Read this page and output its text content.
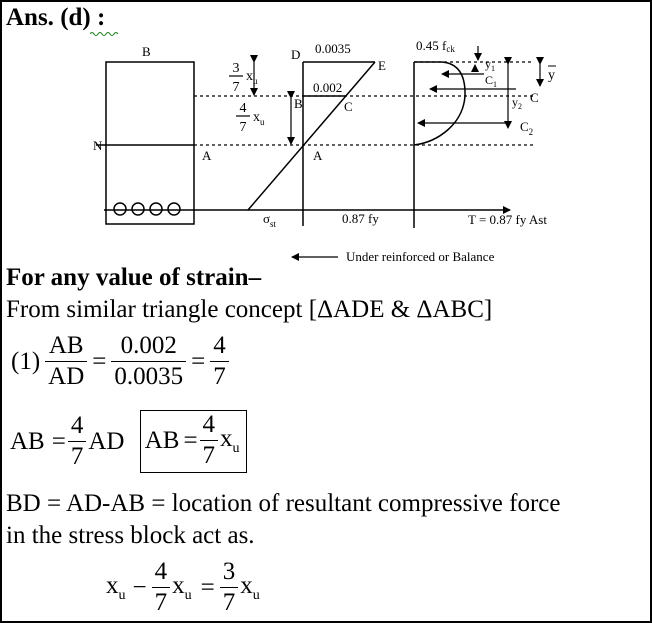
Ans. (d) :
B
N
A
D 0.0035
E
0.002
B	C
A
0.87 fy	T = 0.87 fy Ast
Under reinforced or Balance
C
$\sigma_{st}$
0.45 fck
$y_1$
$C_1$
$y_2$
$C_2$
y
3
7
$x_u$
4
7
$x_u$
For any value of strain–
From similar triangle concept [ΔADE & ΔABC]
$(1) \frac{AB}{AD} = \frac{0.002}{0.0035} = \frac{4}{7}$
AB = $\frac{4}{7}$ AD AB = $\frac{4}{7} x_u$
BD = AD-AB = location of resultant compressive force
in the stress block act as.
$x_u - \frac{4}{7} x_u = \frac{3}{7} x_u$
